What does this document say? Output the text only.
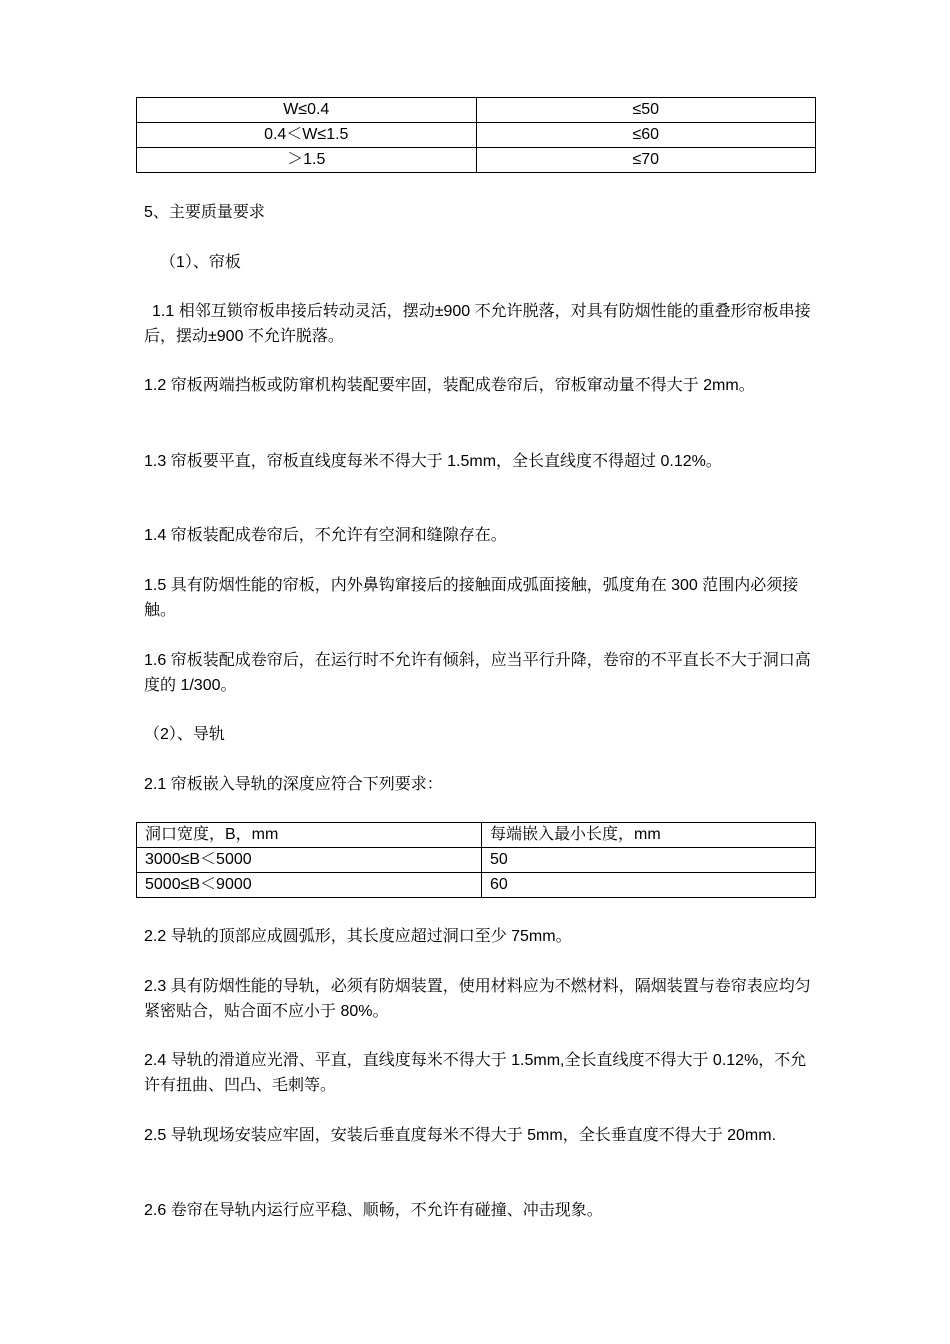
W≤0.4	≤50
0.4＜W≤1.5	≤60
＞1.5	≤70

5、主要质量要求

（1）、帘板

1.1 相邻互锁帘板串接后转动灵活，摆动±900 不允许脱落，对具有防烟性能的重叠形帘板串接后，摆动±900 不允许脱落。

1.2 帘板两端挡板或防窜机构装配要牢固，装配成卷帘后，帘板窜动量不得大于 2mm。

1.3 帘板要平直，帘板直线度每米不得大于 1.5mm，全长直线度不得超过 0.12%。

1.4 帘板装配成卷帘后，不允许有空洞和缝隙存在。

1.5 具有防烟性能的帘板，内外鼻钩窜接后的接触面成弧面接触，弧度角在 300 范围内必须接触。

1.6 帘板装配成卷帘后，在运行时不允许有倾斜，应当平行升降，卷帘的不平直长不大于洞口高度的 1/300。

（2）、导轨

2.1 帘板嵌入导轨的深度应符合下列要求：

洞口宽度，B，mm	每端嵌入最小长度，mm
3000≤B＜5000	50
5000≤B＜9000	60

2.2 导轨的顶部应成圆弧形，其长度应超过洞口至少 75mm。

2.3 具有防烟性能的导轨，必须有防烟装置，使用材料应为不燃材料，隔烟装置与卷帘表应均匀紧密贴合，贴合面不应小于 80%。

2.4 导轨的滑道应光滑、平直，直线度每米不得大于 1.5mm,全长直线度不得大于 0.12%，不允许有扭曲、凹凸、毛刺等。

2.5 导轨现场安装应牢固，安装后垂直度每米不得大于 5mm，全长垂直度不得大于 20mm.

2.6 卷帘在导轨内运行应平稳、顺畅，不允许有碰撞、冲击现象。
